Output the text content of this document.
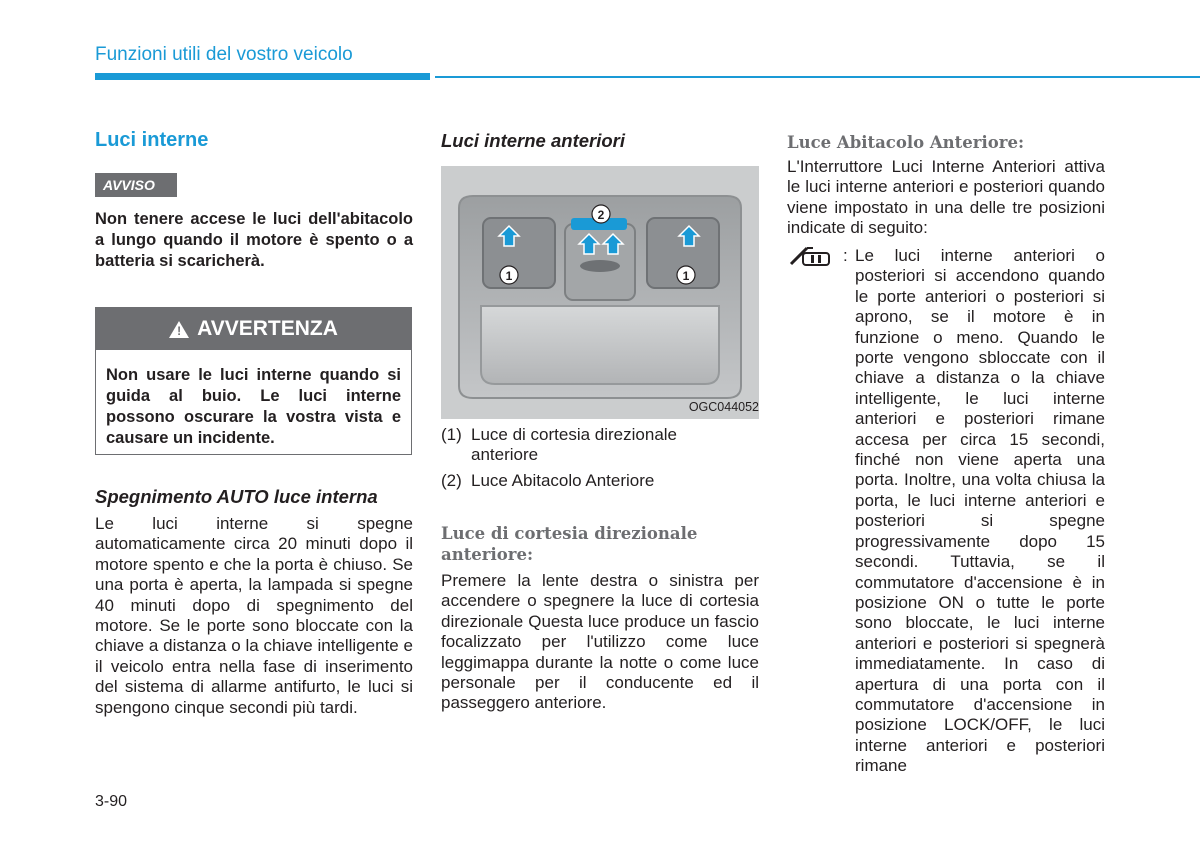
Funzioni utili del vostro veicolo
Luci interne
AVVISO
Non tenere accese le luci dell'abitacolo a lungo quando il motore è spento o a batteria si scaricherà.
! AVVERTENZA
Non usare le luci interne quando si guida al buio. Le luci interne possono oscurare la vostra vista e causare un incidente.
Spegnimento AUTO luce interna
Le luci interne si spegne automaticamente circa 20 minuti dopo il motore spento e che la porta è chiuso. Se una porta è aperta, la lampada si spegne 40 minuti dopo di spegnimento del motore. Se le porte sono bloccate con la chiave a distanza o la chiave intelligente e il veicolo entra nella fase di inserimento del sistema di allarme antifurto, le luci si spengono cinque secondi più tardi.
Luci interne anteriori
1
2
1
OGC044052
(1) Luce di cortesia direzionale
anteriore
(2) Luce Abitacolo Anteriore
Luce di cortesia direzionale anteriore:
Premere la lente destra o sinistra per accendere o spegnere la luce di cortesia direzionale Questa luce produce un fascio focalizzato per l'utilizzo come luce leggimappa durante la notte o come luce personale per il conducente ed il passeggero anteriore.
Luce Abitacolo Anteriore:
L'Interruttore Luci Interne Anteriori attiva le luci interne anteriori e posteriori quando viene impostato in una delle tre posizioni indicate di seguito:
: Le luci interne anteriori o posteriori si accendono quando le porte anteriori o posteriori si aprono, se il motore è in funzione o meno. Quando le porte vengono sbloccate con il chiave a distanza o la chiave intelligente, le luci interne anteriori e posteriori rimane accesa per circa 15 secondi, finché non viene aperta una porta. Inoltre, una volta chiusa la porta, le luci interne anteriori e posteriori si spegne progressivamente dopo 15 secondi. Tuttavia, se il commutatore d'accensione è in posizione ON o tutte le porte sono bloccate, le luci interne anteriori e posteriori si spegnerà immediatamente. In caso di apertura di una porta con il commutatore d'accensione in posizione LOCK/OFF, le luci interne anteriori e posteriori rimane
3-90
